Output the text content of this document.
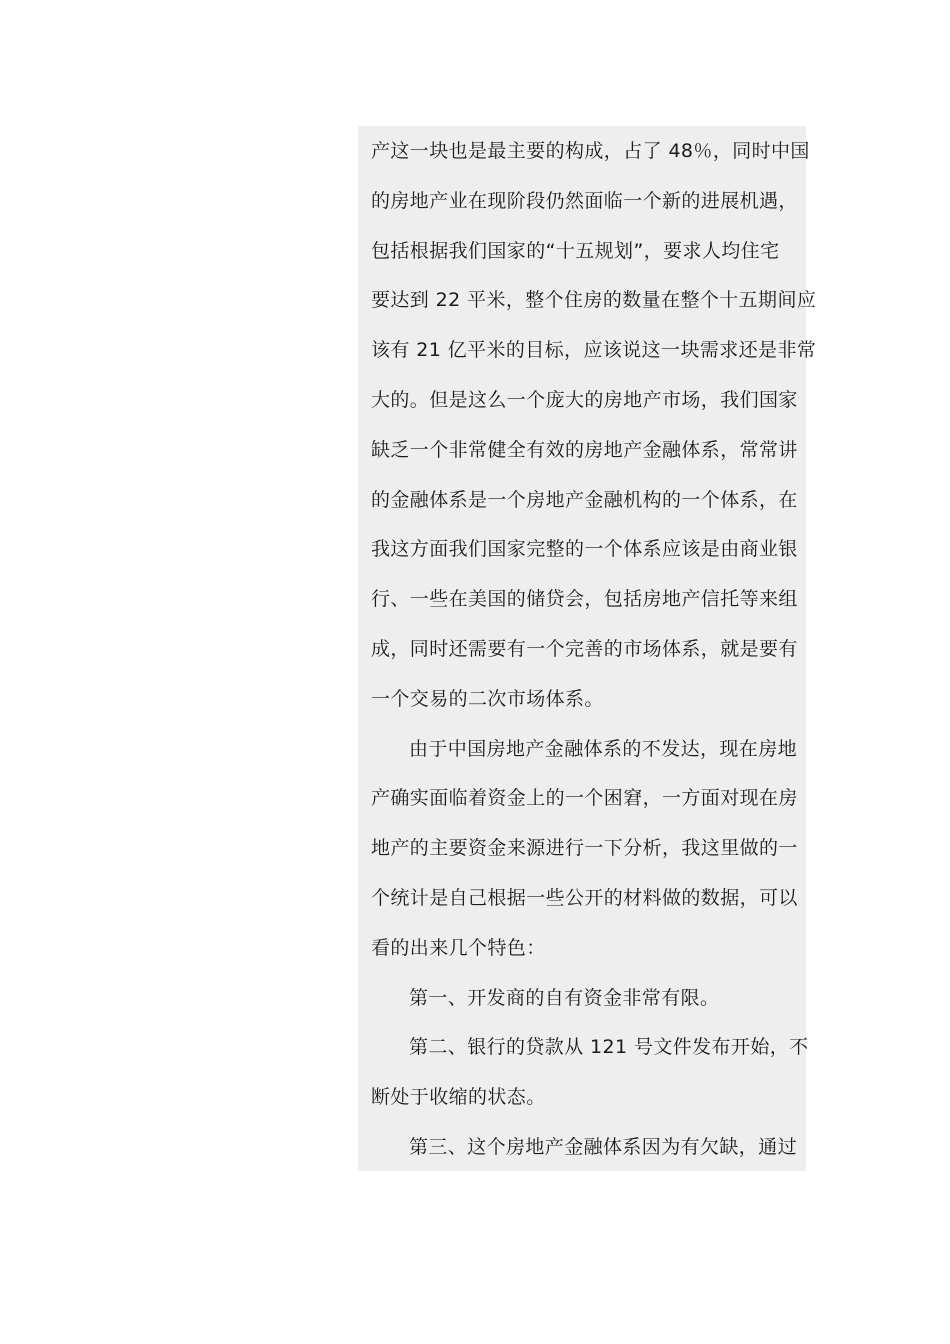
产这一块也是最主要的构成，占了 48％，同时中国
的房地产业在现阶段仍然面临一个新的进展机遇，
包括根据我们国家的“十五规划”，要求人均住宅
要达到 22 平米，整个住房的数量在整个十五期间应
该有 21 亿平米的目标，应该说这一块需求还是非常
大的。但是这么一个庞大的房地产市场，我们国家
缺乏一个非常健全有效的房地产金融体系，常常讲
的金融体系是一个房地产金融机构的一个体系，在
我这方面我们国家完整的一个体系应该是由商业银
行、一些在美国的储贷会，包括房地产信托等来组
成，同时还需要有一个完善的市场体系，就是要有
一个交易的二次市场体系。
由于中国房地产金融体系的不发达，现在房地
产确实面临着资金上的一个困窘，一方面对现在房
地产的主要资金来源进行一下分析，我这里做的一
个统计是自己根据一些公开的材料做的数据，可以
看的出来几个特色：
第一、开发商的自有资金非常有限。
第二、银行的贷款从 121 号文件发布开始，不
断处于收缩的状态。
第三、这个房地产金融体系因为有欠缺，通过
